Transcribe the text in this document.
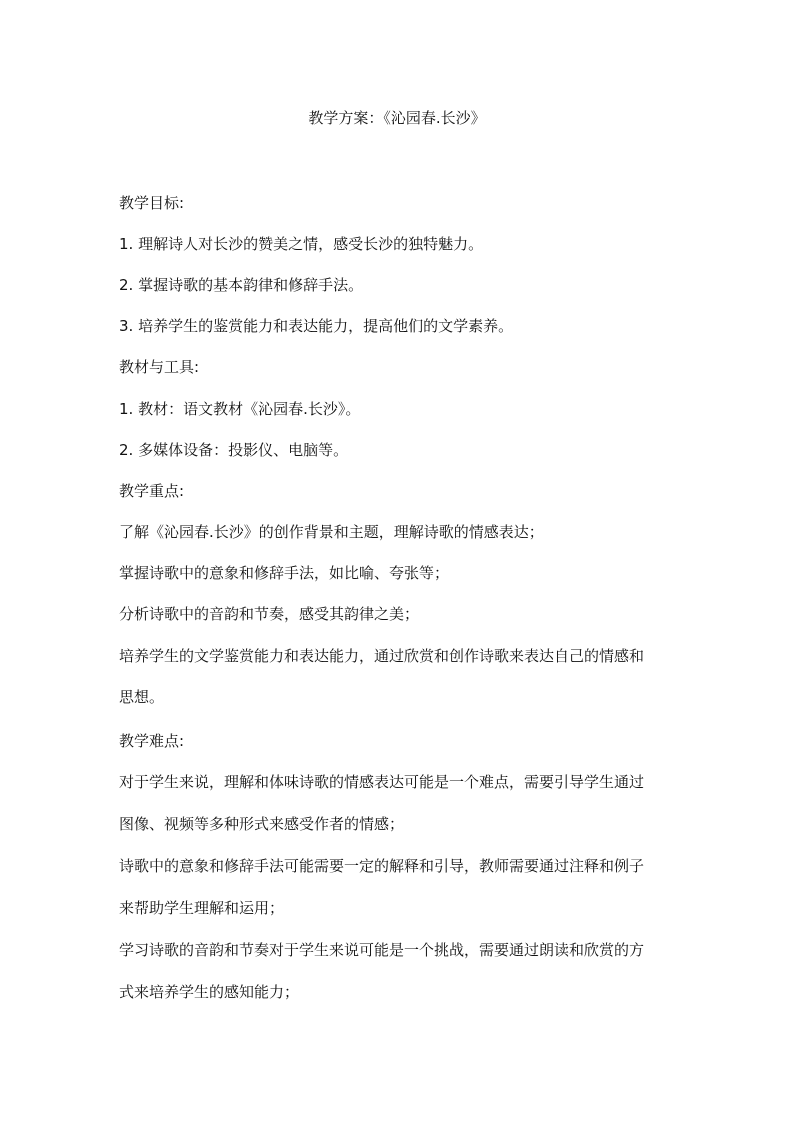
教学方案：《沁园春.长沙》
教学目标:
1. 理解诗人对长沙的赞美之情，感受长沙的独特魅力。
2. 掌握诗歌的基本韵律和修辞手法。
3. 培养学生的鉴赏能力和表达能力，提高他们的文学素养。
教材与工具:
1. 教材：语文教材《沁园春.长沙》。
2. 多媒体设备：投影仪、电脑等。
教学重点:
了解《沁园春.长沙》的创作背景和主题，理解诗歌的情感表达；
掌握诗歌中的意象和修辞手法，如比喻、夸张等；
分析诗歌中的音韵和节奏，感受其韵律之美；
培养学生的文学鉴赏能力和表达能力，通过欣赏和创作诗歌来表达自己的情感和
思想。
教学难点:
对于学生来说，理解和体味诗歌的情感表达可能是一个难点，需要引导学生通过
图像、视频等多种形式来感受作者的情感；
诗歌中的意象和修辞手法可能需要一定的解释和引导，教师需要通过注释和例子
来帮助学生理解和运用；
学习诗歌的音韵和节奏对于学生来说可能是一个挑战，需要通过朗读和欣赏的方
式来培养学生的感知能力；
